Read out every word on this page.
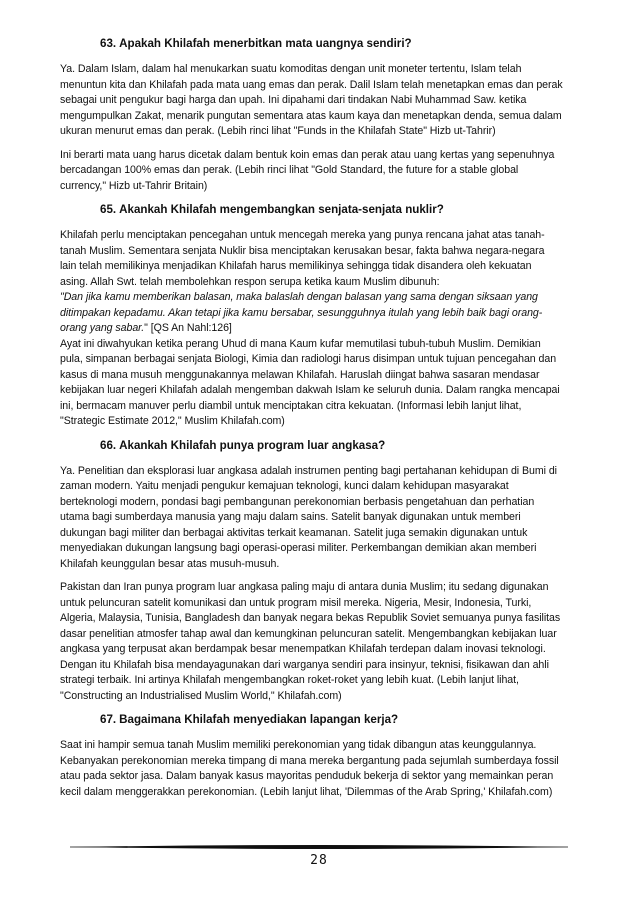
63. Apakah Khilafah menerbitkan mata uangnya sendiri?
Ya. Dalam Islam, dalam hal menukarkan suatu komoditas dengan unit moneter tertentu, Islam telah
menuntun kita dan Khilafah pada mata uang emas dan perak. Dalil Islam telah menetapkan emas dan perak
sebagai unit pengukur bagi harga dan upah. Ini dipahami dari tindakan Nabi Muhammad Saw. ketika
mengumpulkan Zakat, menarik pungutan sementara atas kaum kaya dan menetapkan denda, semua dalam
ukuran menurut emas dan perak. (Lebih rinci lihat "Funds in the Khilafah State" Hizb ut-Tahrir)
Ini berarti mata uang harus dicetak dalam bentuk koin emas dan perak atau uang kertas yang sepenuhnya
bercadangan 100% emas dan perak. (Lebih rinci lihat "Gold Standard, the future for a stable global
currency," Hizb ut-Tahrir Britain)
65. Akankah Khilafah mengembangkan senjata-senjata nuklir?
Khilafah perlu menciptakan pencegahan untuk mencegah mereka yang punya rencana jahat atas tanah-
tanah Muslim. Sementara senjata Nuklir bisa menciptakan kerusakan besar, fakta bahwa negara-negara
lain telah memilikinya menjadikan Khilafah harus memilikinya sehingga tidak disandera oleh kekuatan
asing. Allah Swt. telah membolehkan respon serupa ketika kaum Muslim dibunuh:
"Dan jika kamu memberikan balasan, maka balaslah dengan balasan yang sama dengan siksaan yang
ditimpakan kepadamu. Akan tetapi jika kamu bersabar, sesungguhnya itulah yang lebih baik bagi orang-
orang yang sabar." [QS An Nahl:126]
Ayat ini diwahyukan ketika perang Uhud di mana Kaum kufar memutilasi tubuh-tubuh Muslim. Demikian
pula, simpanan berbagai senjata Biologi, Kimia dan radiologi harus disimpan untuk tujuan pencegahan dan
kasus di mana musuh menggunakannya melawan Khilafah. Haruslah diingat bahwa sasaran mendasar
kebijakan luar negeri Khilafah adalah mengemban dakwah Islam ke seluruh dunia. Dalam rangka mencapai
ini, bermacam manuver perlu diambil untuk menciptakan citra kekuatan. (Informasi lebih lanjut lihat,
"Strategic Estimate 2012," Muslim Khilafah.com)
66. Akankah Khilafah punya program luar angkasa?
Ya. Penelitian dan eksplorasi luar angkasa adalah instrumen penting bagi pertahanan kehidupan di Bumi di
zaman modern. Yaitu menjadi pengukur kemajuan teknologi, kunci dalam kehidupan masyarakat
berteknologi modern, pondasi bagi pembangunan perekonomian berbasis pengetahuan dan perhatian
utama bagi sumberdaya manusia yang maju dalam sains. Satelit banyak digunakan untuk memberi
dukungan bagi militer dan berbagai aktivitas terkait keamanan. Satelit juga semakin digunakan untuk
menyediakan dukungan langsung bagi operasi-operasi militer. Perkembangan demikian akan memberi
Khilafah keunggulan besar atas musuh-musuh.
Pakistan dan Iran punya program luar angkasa paling maju di antara dunia Muslim; itu sedang digunakan
untuk peluncuran satelit komunikasi dan untuk program misil mereka. Nigeria, Mesir, Indonesia, Turki,
Algeria, Malaysia, Tunisia, Bangladesh dan banyak negara bekas Republik Soviet semuanya punya fasilitas
dasar penelitian atmosfer tahap awal dan kemungkinan peluncuran satelit. Mengembangkan kebijakan luar
angkasa yang terpusat akan berdampak besar menempatkan Khilafah terdepan dalam inovasi teknologi.
Dengan itu Khilafah bisa mendayagunakan dari warganya sendiri para insinyur, teknisi, fisikawan dan ahli
strategi terbaik. Ini artinya Khilafah mengembangkan roket-roket yang lebih kuat. (Lebih lanjut lihat,
"Constructing an Industrialised Muslim World," Khilafah.com)
67. Bagaimana Khilafah menyediakan lapangan kerja?
Saat ini hampir semua tanah Muslim memiliki perekonomian yang tidak dibangun atas keunggulannya.
Kebanyakan perekonomian mereka timpang di mana mereka bergantung pada sejumlah sumberdaya fossil
atau pada sektor jasa. Dalam banyak kasus mayoritas penduduk bekerja di sektor yang memainkan peran
kecil dalam menggerakkan perekonomian. (Lebih lanjut lihat, 'Dilemmas of the Arab Spring,' Khilafah.com)
28
